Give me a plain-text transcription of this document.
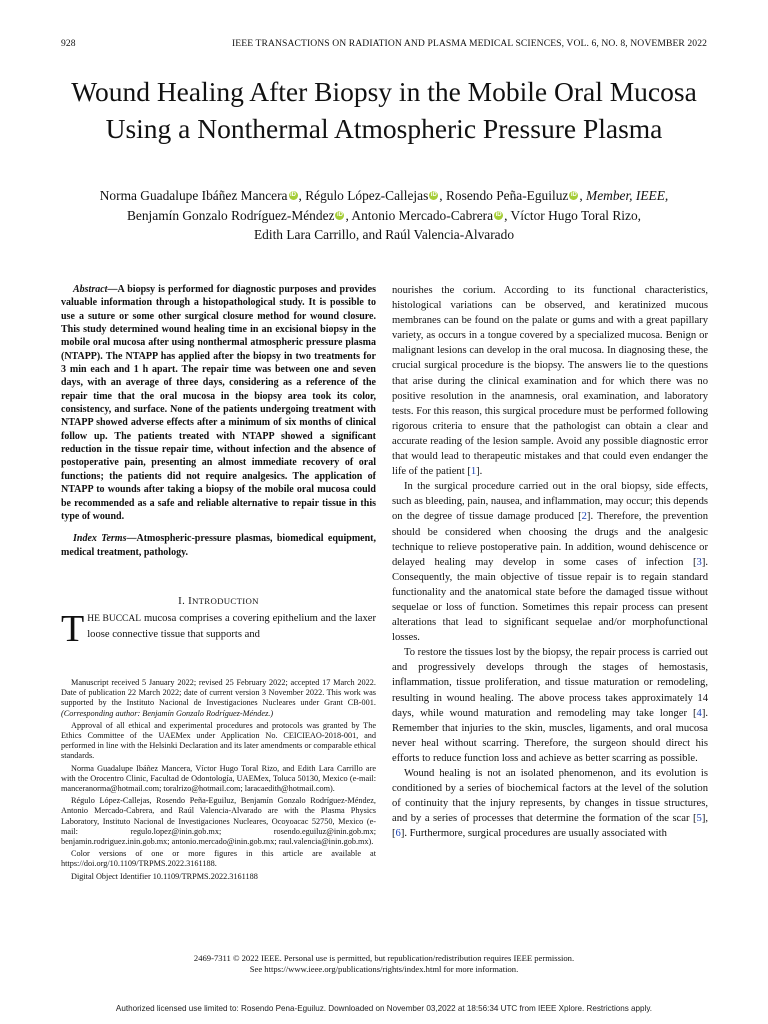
928	IEEE TRANSACTIONS ON RADIATION AND PLASMA MEDICAL SCIENCES, VOL. 6, NO. 8, NOVEMBER 2022
Wound Healing After Biopsy in the Mobile Oral Mucosa Using a Nonthermal Atmospheric Pressure Plasma
Norma Guadalupe Ibáñez Mancera iD , Régulo López-Callejas iD , Rosendo Peña-Eguiluz iD , Member, IEEE,
Benjamín Gonzalo Rodríguez-Méndez iD , Antonio Mercado-Cabrera iD , Víctor Hugo Toral Rizo,
Edith Lara Carrillo, and Raúl Valencia-Alvarado

Abstract—A biopsy is performed for diagnostic purposes and provides valuable information through a histopathological study. It is possible to use a suture or some other surgical closure method for wound closure. This study determined wound healing time in an excisional biopsy in the mobile oral mucosa after using nonthermal atmospheric pressure plasma (NTAPP). The NTAPP has applied after the biopsy in two treatments for 3 min each and 1 h apart. The repair time was between one and seven days, with an average of three days, considering as a reference of the repair time that the oral mucosa in the biopsy area took its color, consistency, and surface. None of the patients undergoing treatment with NTAPP showed adverse effects after a minimum of six months of clinical follow up. The patients treated with NTAPP showed a significant reduction in the tissue repair time, without infection and the absence of postoperative pain, presenting an almost immediate recovery of oral functions; the patients did not require analgesics. The application of NTAPP to wounds after taking a biopsy of the mobile oral mucosa could be recommended as a safe and reliable alternative to repair tissue in this type of wound.

Index Terms—Atmospheric-pressure plasmas, biomedical equipment, medical treatment, pathology.

I. INTRODUCTION

THE BUCCAL mucosa comprises a covering epithelium and the laxer loose connective tissue that supports and

Manuscript received 5 January 2022; revised 25 February 2022; accepted 17 March 2022. Date of publication 22 March 2022; date of current version 3 November 2022. This work was supported by the Instituto Nacional de Investigaciones Nucleares under Grant CB-001. (Corresponding author: Benjamín Gonzalo Rodríguez-Méndez.)

Approval of all ethical and experimental procedures and protocols was granted by The Ethics Committee of the UAEMex under Application No. CEICIEAO-2018-001, and performed in line with the Helsinki Declaration and its later amendments or comparable ethical standards.

Norma Guadalupe Ibáñez Mancera, Víctor Hugo Toral Rizo, and Edith Lara Carrillo are with the Orocentro Clinic, Facultad de Odontología, UAEMex, Toluca 50130, Mexico (e-mail: manceranorma@hotmail.com; toralrizo@hotmail.com; laracaedith@hotmail.com).

Régulo López-Callejas, Rosendo Peña-Eguiluz, Benjamín Gonzalo Rodríguez-Méndez, Antonio Mercado-Cabrera, and Raúl Valencia-Alvarado are with the Plasma Physics Laboratory, Instituto Nacional de Investigaciones Nucleares, Ocoyoacac 52750, Mexico (e-mail: regulo.lopez@inin.gob.mx; rosendo.eguiluz@inin.gob.mx; benjamin.rodriguez.inin.gob.mx; antonio.mercado@inin.gob.mx; raul.valencia@inin.gob.mx).

Color versions of one or more figures in this article are available at https://doi.org/10.1109/TRPMS.2022.3161188.

Digital Object Identifier 10.1109/TRPMS.2022.3161188

nourishes the corium. According to its functional characteristics, histological variations can be observed, and keratinized mucous membranes can be found on the palate or gums and with a great papillary variety, as occurs in a tongue covered by a specialized mucosa. Benign or malignant lesions can develop in the oral mucosa. In diagnosing these, the crucial surgical procedure is the biopsy. The answers lie to the questions that arise during the clinical examination and for which there was no positive resolution in the anamnesis, oral examination, and laboratory tests. For this reason, this surgical procedure must be performed following rigorous criteria to ensure that the pathologist can obtain a clear and accurate reading of the lesion sample. Avoid any possible diagnostic error that would lead to therapeutic mistakes and that could even endanger the life of the patient [1].

In the surgical procedure carried out in the oral biopsy, side effects, such as bleeding, pain, nausea, and inflammation, may occur; this depends on the degree of tissue damage produced [2]. Therefore, the prevention should be considered when choosing the drugs and the analgesic technique to relieve postoperative pain. In addition, wound dehiscence or delayed healing may develop in some cases of infection [3]. Consequently, the main objective of tissue repair is to regain standard functionality and the anatomical state before the damaged tissue without sequelae or loss of function. Sometimes this repair process can present alterations that lead to significant sequelae and/or morphofunctional losses.

To restore the tissues lost by the biopsy, the repair process is carried out and progressively develops through the stages of hemostasis, inflammation, tissue proliferation, and tissue maturation or remodeling, resulting in wound healing. The above process takes approximately 14 days, while wound maturation and remodeling may take longer [4]. Remember that injuries to the skin, muscles, ligaments, and oral mucosa never heal without scarring. Therefore, the surgeon should direct his efforts to reduce function loss and achieve as better scarring as possible.

Wound healing is not an isolated phenomenon, and its evolution is conditioned by a series of biochemical factors at the level of the solution of continuity that the injury represents, by changes in tissue structures, and by a series of processes that determine the formation of the scar [5], [6]. Furthermore, surgical procedures are usually associated with

2469-7311 © 2022 IEEE. Personal use is permitted, but republication/redistribution requires IEEE permission.
See https://www.ieee.org/publications/rights/index.html for more information.
Authorized licensed use limited to: Rosendo Pena-Eguiluz. Downloaded on November 03,2022 at 18:56:34 UTC from IEEE Xplore. Restrictions apply.
